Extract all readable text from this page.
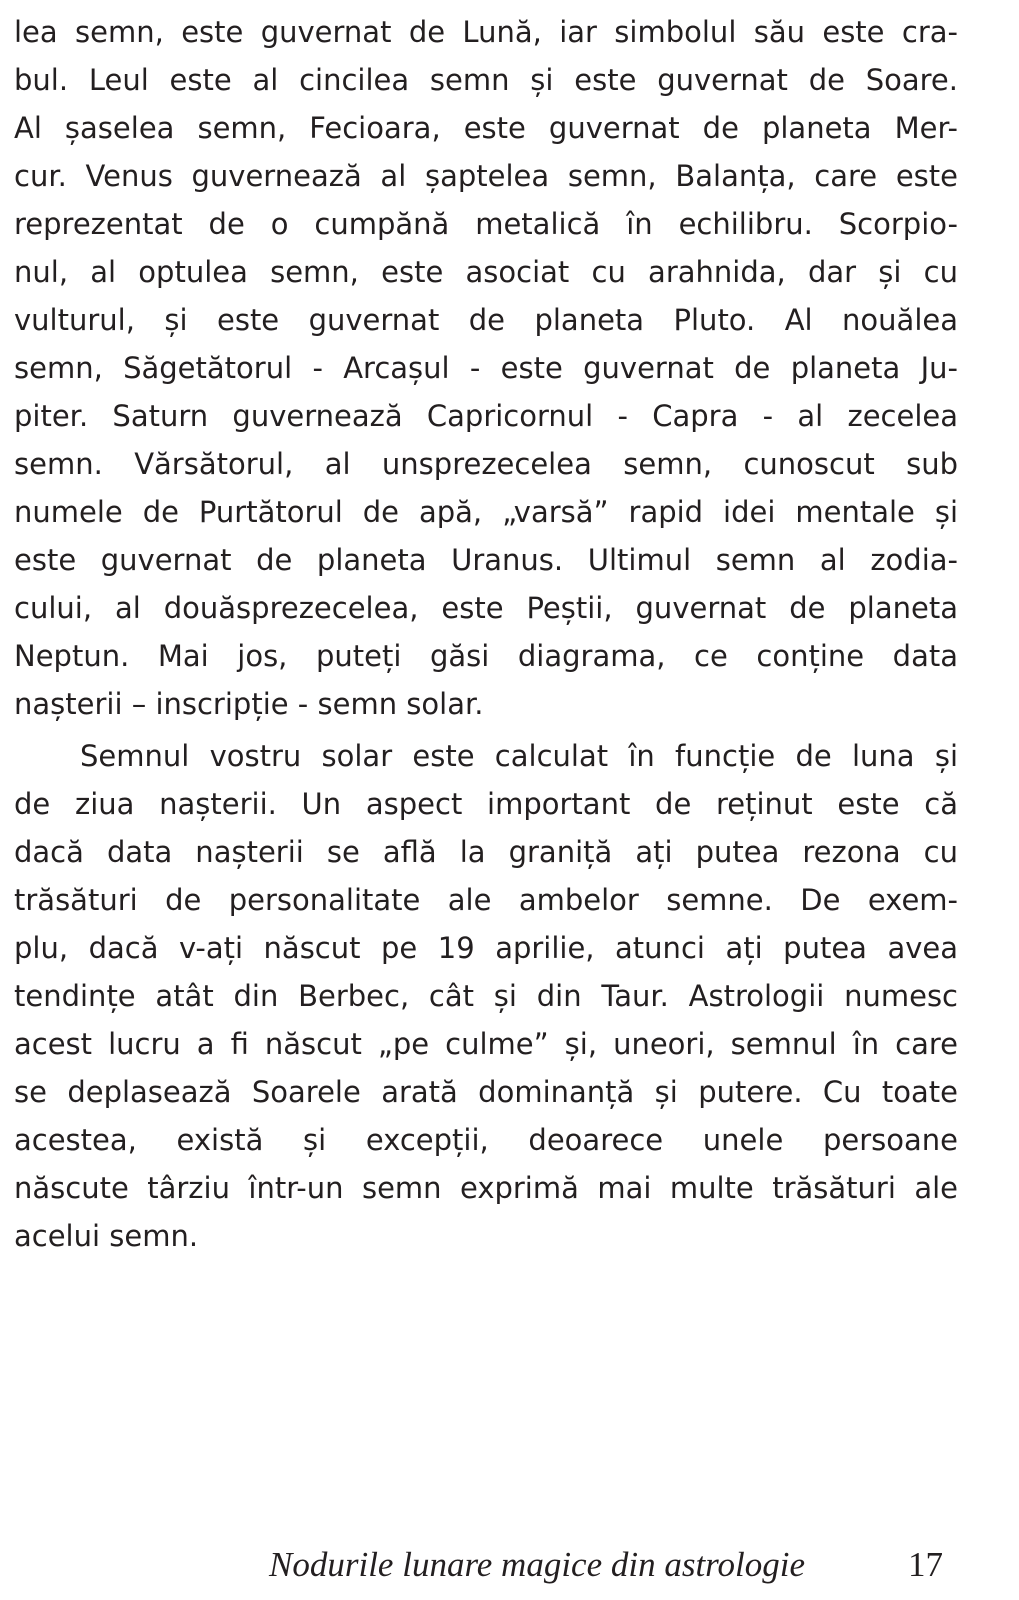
lea semn, este guvernat de Lună, iar simbolul său este cra-
bul. Leul este al cincilea semn și este guvernat de Soare.
Al șaselea semn, Fecioara, este guvernat de planeta Mer-
cur. Venus guvernează al șaptelea semn, Balanța, care este
reprezentat de o cumpănă metalică în echilibru. Scorpio-
nul, al optulea semn, este asociat cu arahnida, dar și cu
vulturul, și este guvernat de planeta Pluto. Al nouălea
semn, Săgetătorul - Arcașul - este guvernat de planeta Ju-
piter. Saturn guvernează Capricornul - Capra - al zecelea
semn. Vărsătorul, al unsprezecelea semn, cunoscut sub
numele de Purtătorul de apă, „varsă” rapid idei mentale și
este guvernat de planeta Uranus. Ultimul semn al zodia-
cului, al douăsprezecelea, este Peștii, guvernat de planeta
Neptun. Mai jos, puteți găsi diagrama, ce conține data
nașterii – inscripție - semn solar.

Semnul vostru solar este calculat în funcție de luna și
de ziua nașterii. Un aspect important de reținut este că
dacă data nașterii se află la graniță ați putea rezona cu
trăsături de personalitate ale ambelor semne. De exem-
plu, dacă v-ați născut pe 19 aprilie, atunci ați putea avea
tendințe atât din Berbec, cât și din Taur. Astrologii numesc
acest lucru a fi născut „pe culme” și, uneori, semnul în care
se deplasează Soarele arată dominanță și putere. Cu toate
acestea, există și excepții, deoarece unele persoane
născute târziu într-un semn exprimă mai multe trăsături ale
acelui semn.

Nodurile lunare magice din astrologie	17
